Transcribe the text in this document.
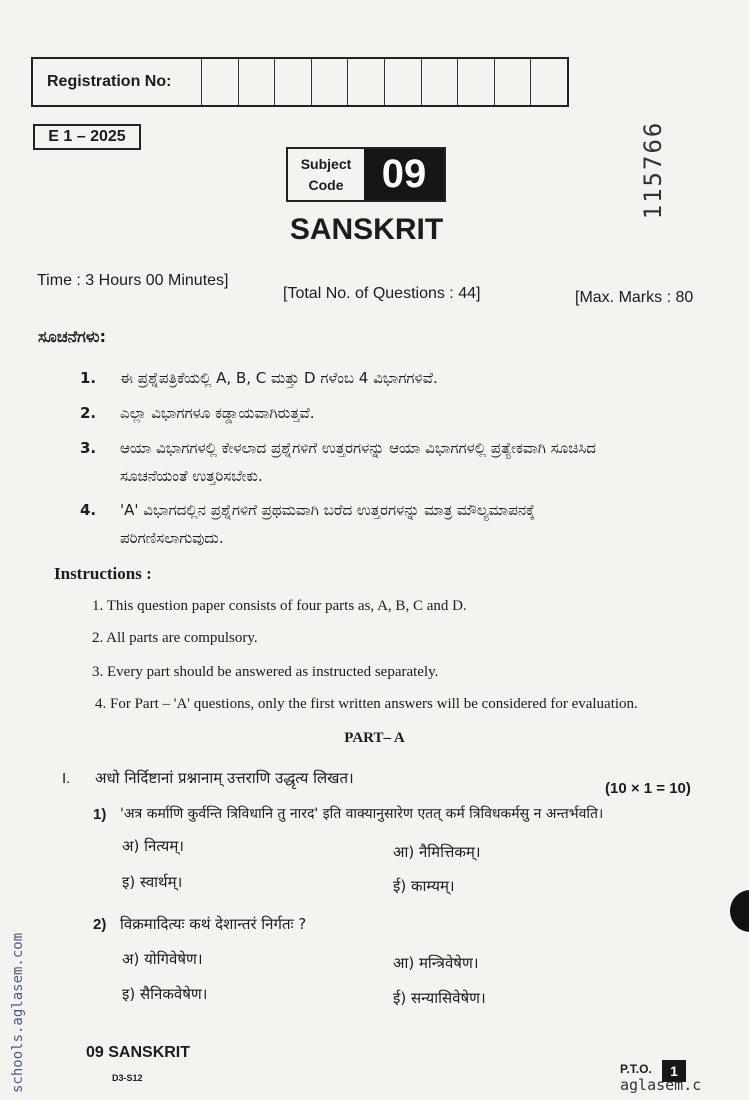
Registration No:
E 1 – 2025
Subject
Code 09	115766
SANSKRIT
Time : 3 Hours 00 Minutes]
[Total No. of Questions : 44]	[Max. Marks : 80
ಸೂಚನೆಗಳು:
1. ಈ ಪ್ರಶ್ನೆಪತ್ರಿಕೆಯಲ್ಲಿ A, B, C ಮತ್ತು D ಗಳೆಂಬ 4 ವಿಭಾಗಗಳಿವೆ.
2. ಎಲ್ಲಾ ವಿಭಾಗಗಳೂ ಕಡ್ಡಾಯವಾಗಿರುತ್ತವೆ.
3. ಆಯಾ ವಿಭಾಗಗಳಲ್ಲಿ ಕೇಳಲಾದ ಪ್ರಶ್ನೆಗಳಿಗೆ ಉತ್ತರಗಳನ್ನು ಆಯಾ ವಿಭಾಗಗಳಲ್ಲಿ ಪ್ರತ್ಯೇಕವಾಗಿ ಸೂಚಿಸಿದ
ಸೂಚನೆಯಂತೆ ಉತ್ತರಿಸಬೇಕು.
4. 'A' ವಿಭಾಗದಲ್ಲಿನ ಪ್ರಶ್ನೆಗಳಿಗೆ ಪ್ರಥಮವಾಗಿ ಬರೆದ ಉತ್ತರಗಳನ್ನು ಮಾತ್ರ ಮೌಲ್ಯಮಾಪನಕ್ಕೆ
ಪರಿಗಣಿಸಲಾಗುವುದು.
Instructions :
1. This question paper consists of four parts as, A, B, C and D.
2. All parts are compulsory.
3. Every part should be answered as instructed separately.
4. For Part – 'A' questions, only the first written answers will be considered for evaluation.
PART– A
I. अधो निर्दिष्टानां प्रश्नानाम् उत्तराणि उद्धृत्य लिखत।
(10 × 1 = 10)
1) 'अत्र कर्माणि कुर्वन्ति त्रिविधानि तु नारद' इति वाक्यानुसारेण एतत् कर्म त्रिविधकर्मसु न अन्तर्भवति।
अ) नित्यम्।	आ) नैमित्तिकम्।
इ) स्वार्थम्।	ई) काम्यम्।
2) विक्रमादित्यः कथं देशान्तरं निर्गतः ?
अ) योगिवेषेण।	आ) मन्त्रिवेषेण।
इ) सैनिकवेषेण।	ई) सन्यासिवेषेण।
09 SANSKRIT
D3-S12
P.T.O.	1
aglasem.c
schools.aglasem.com
